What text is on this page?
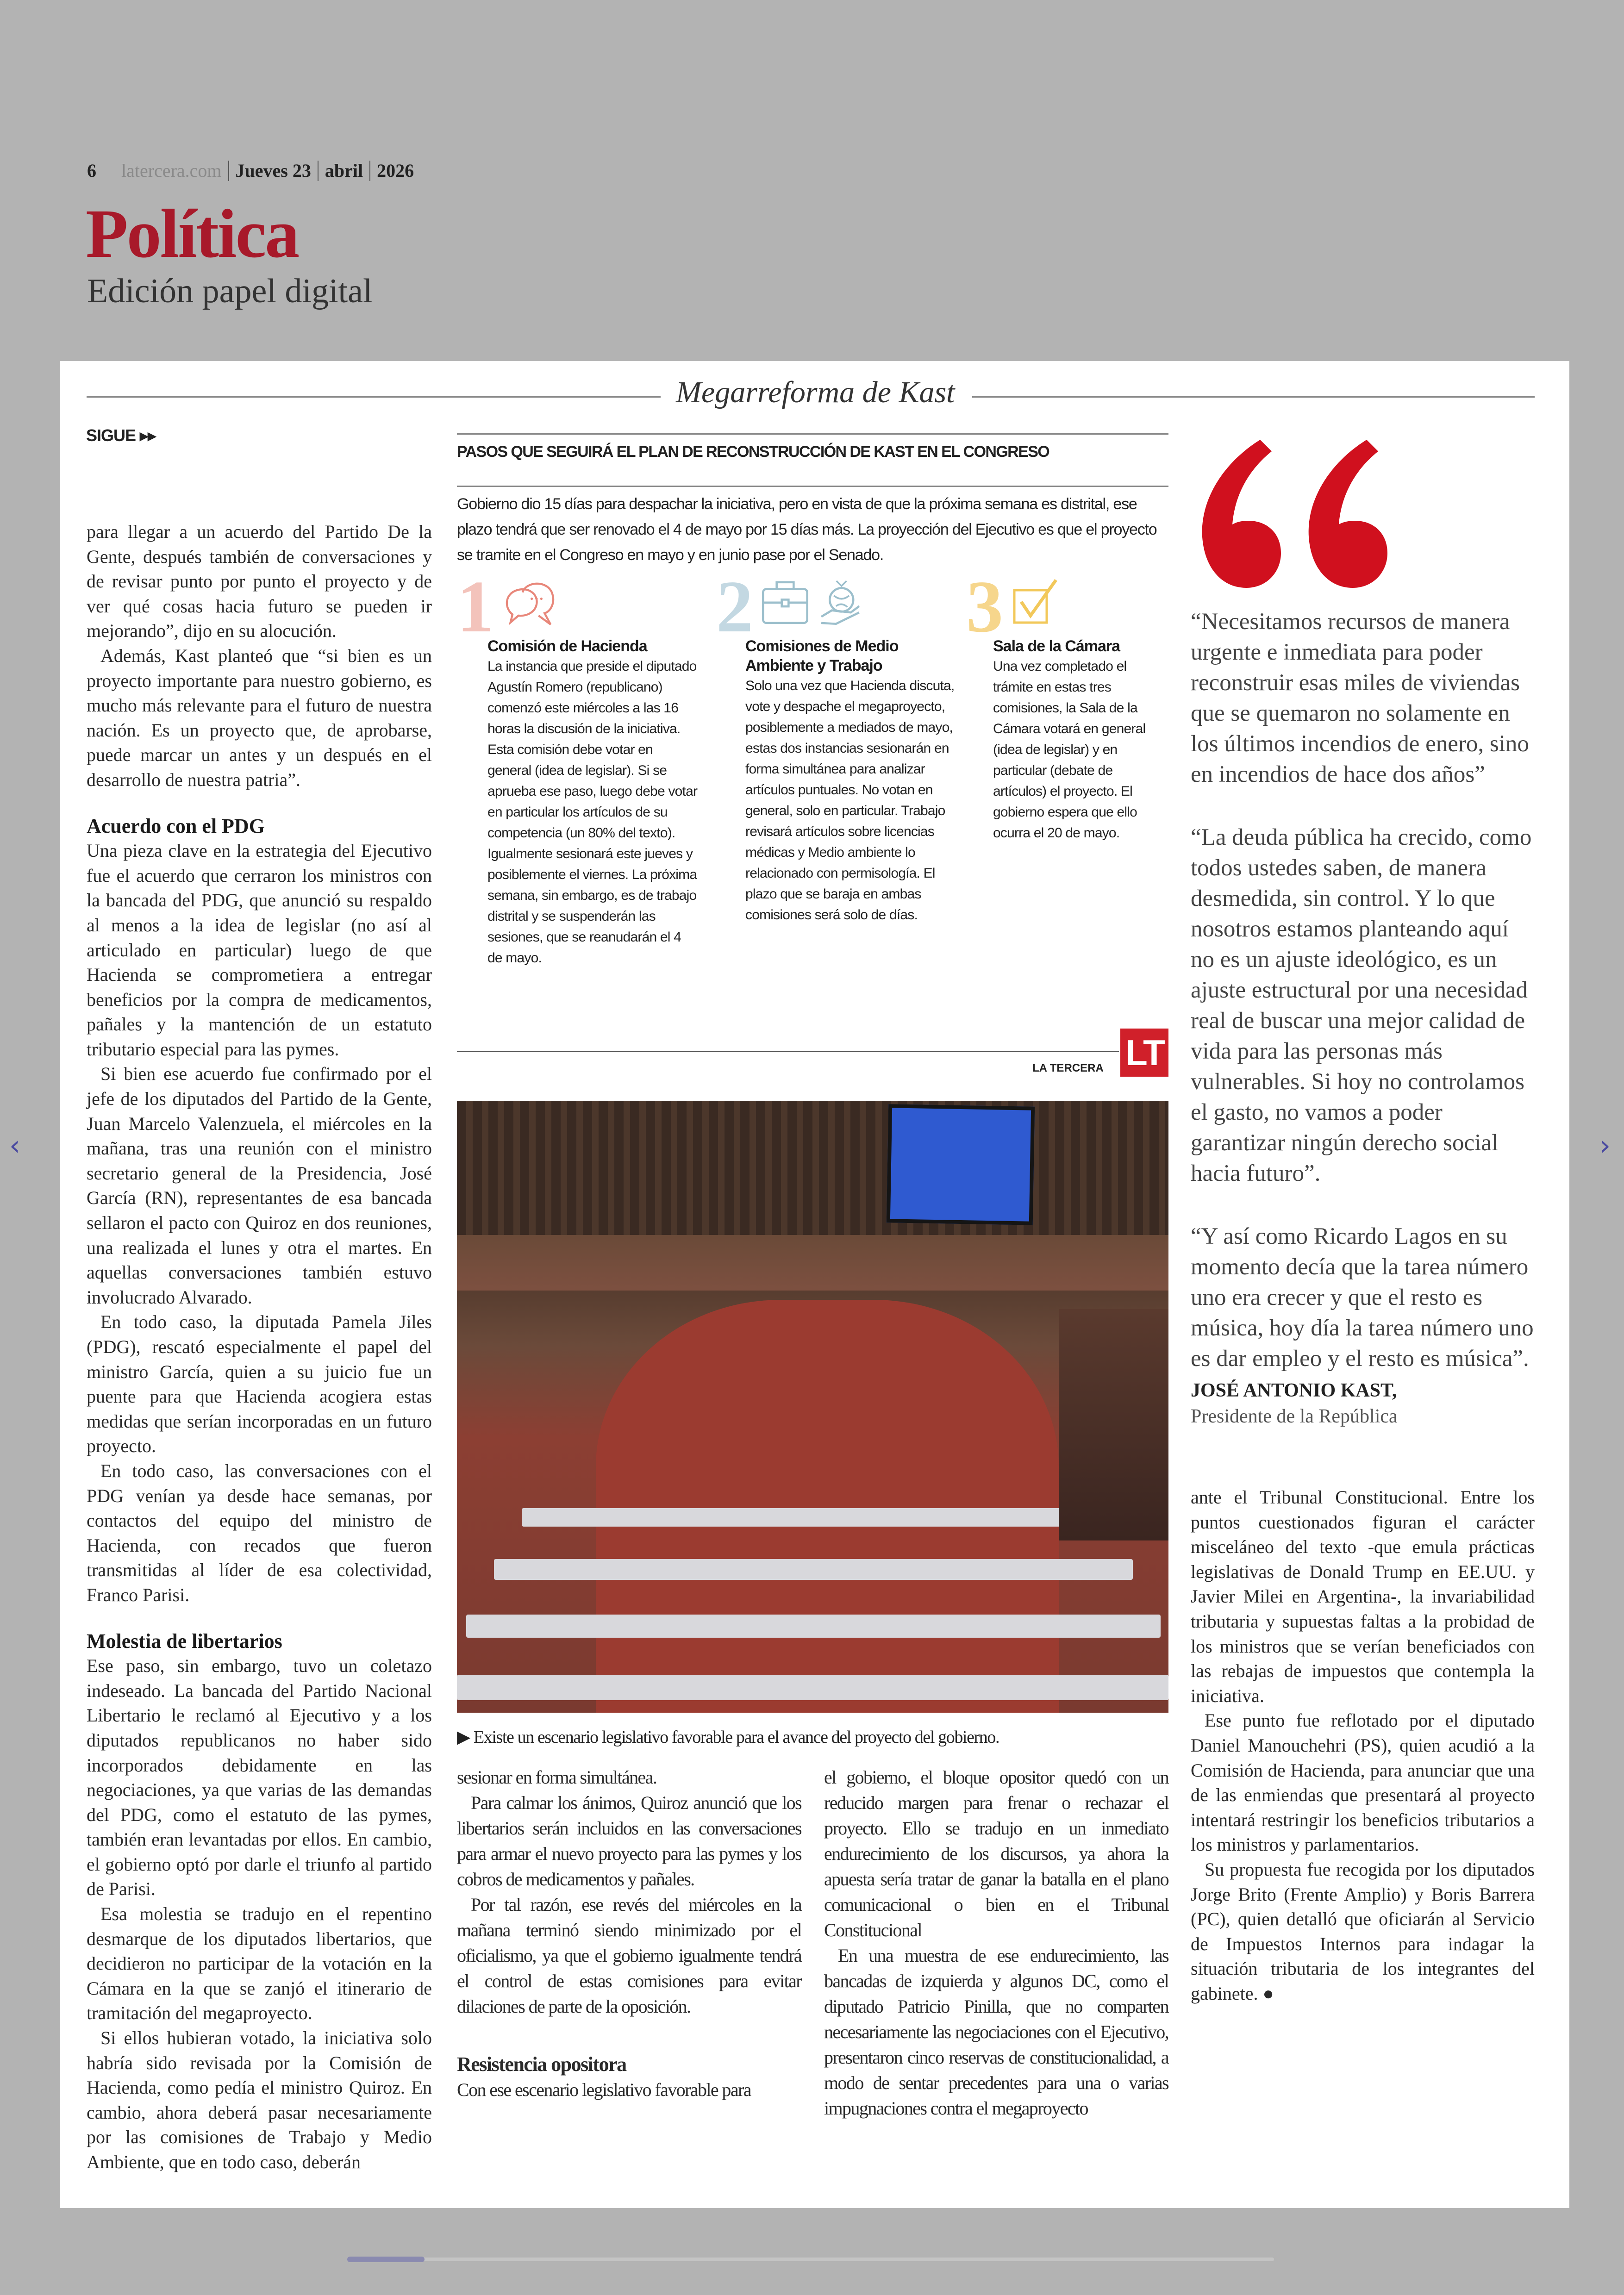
6 latercera.com Jueves 23 abril 2026
Política
Edición papel digital
Megarreforma de Kast
SIGUE ▸▸

para llegar a un acuerdo del Partido De la Gente, después también de conversaciones y de revisar punto por punto el proyecto y de ver qué cosas hacia futuro se pueden ir mejorando”, dijo en su alocución.

Además, Kast planteó que “si bien es un proyecto importante para nuestro gobierno, es mucho más relevante para el futuro de nuestra nación. Es un proyecto que, de aprobarse, puede marcar un antes y un después en el desarrollo de nuestra patria”.

Acuerdo con el PDG

Una pieza clave en la estrategia del Ejecutivo fue el acuerdo que cerraron los ministros con la bancada del PDG, que anunció su respaldo al menos a la idea de legislar (no así al articulado en particular) luego de que Hacienda se comprometiera a entregar beneficios por la compra de medicamentos, pañales y la mantención de un estatuto tributario especial para las pymes.

Si bien ese acuerdo fue confirmado por el jefe de los diputados del Partido de la Gente, Juan Marcelo Valenzuela, el miércoles en la mañana, tras una reunión con el ministro secretario general de la Presidencia, José García (RN), representantes de esa bancada sellaron el pacto con Quiroz en dos reuniones, una realizada el lunes y otra el martes. En aquellas conversaciones también estuvo involucrado Alvarado.

En todo caso, la diputada Pamela Jiles (PDG), rescató especialmente el papel del ministro García, quien a su juicio fue un puente para que Hacienda acogiera estas medidas que serían incorporadas en un futuro proyecto.

En todo caso, las conversaciones con el PDG venían ya desde hace semanas, por contactos del equipo del ministro de Hacienda, con recados que fueron transmitidas al líder de esa colectividad, Franco Parisi.

Molestia de libertarios

Ese paso, sin embargo, tuvo un coletazo indeseado. La bancada del Partido Nacional Libertario le reclamó al Ejecutivo y a los diputados republicanos no haber sido incorporados debidamente en las negociaciones, ya que varias de las demandas del PDG, como el estatuto de las pymes, también eran levantadas por ellos. En cambio, el gobierno optó por darle el triunfo al partido de Parisi.

Esa molestia se tradujo en el repentino desmarque de los diputados libertarios, que decidieron no participar de la votación en la Cámara en la que se zanjó el itinerario de tramitación del megaproyecto.

Si ellos hubieran votado, la iniciativa solo habría sido revisada por la Comisión de Hacienda, como pedía el ministro Quiroz. En cambio, ahora deberá pasar necesariamente por las comisiones de Trabajo y Medio Ambiente, que en todo caso, deberán

PASOS QUE SEGUIRÁ EL PLAN DE RECONSTRUCCIÓN DE KAST EN EL CONGRESO
Gobierno dio 15 días para despachar la iniciativa, pero en vista de que la próxima semana es distrital, ese plazo tendrá que ser renovado el 4 de mayo por 15 días más. La proyección del Ejecutivo es que el proyecto se tramite en el Congreso en mayo y en junio pase por el Senado.
1
Comisión de Hacienda
La instancia que preside el diputado Agustín Romero (republicano) comenzó este miércoles a las 16 horas la discusión de la iniciativa. Esta comisión debe votar en general (idea de legislar). Si se aprueba ese paso, luego debe votar en particular los artículos de su competencia (un 80% del texto). Igualmente sesionará este jueves y posiblemente el viernes. La próxima semana, sin embargo, es de trabajo distrital y se suspenderán las sesiones, que se reanudarán el 4 de mayo.
2
Comisiones de Medio Ambiente y Trabajo
Solo una vez que Hacienda discuta, vote y despache el megaproyecto, posiblemente a mediados de mayo, estas dos instancias sesionarán en forma simultánea para analizar artículos puntuales. No votan en general, solo en particular. Trabajo revisará artículos sobre licencias médicas y Medio ambiente lo relacionado con permisología. El plazo que se baraja en ambas comisiones será solo de días.
3
Sala de la Cámara
Una vez completado el trámite en estas tres comisiones, la Sala de la Cámara votará en general (idea de legislar) y en particular (debate de artículos) el proyecto. El gobierno espera que ello ocurra el 20 de mayo.
LA TERCERA LT
▶ Existe un escenario legislativo favorable para el avance del proyecto del gobierno.

sesionar en forma simultánea.

Para calmar los ánimos, Quiroz anunció que los libertarios serán incluidos en las conversaciones para armar el nuevo proyecto para las pymes y los cobros de medicamentos y pañales.

Por tal razón, ese revés del miércoles en la mañana terminó siendo minimizado por el oficialismo, ya que el gobierno igualmente tendrá el control de estas comisiones para evitar dilaciones de parte de la oposición.

Resistencia opositora

Con ese escenario legislativo favorable para

el gobierno, el bloque opositor quedó con un reducido margen para frenar o rechazar el proyecto. Ello se tradujo en un inmediato endurecimiento de los discursos, ya ahora la apuesta sería tratar de ganar la batalla en el plano comunicacional o bien en el Tribunal Constitucional

En una muestra de ese endurecimiento, las bancadas de izquierda y algunos DC, como el diputado Patricio Pinilla, que no comparten necesariamente las negociaciones con el Ejecutivo, presentaron cinco reservas de constitucionalidad, a modo de sentar precedentes para una o varias impugnaciones contra el megaproyecto

“Necesitamos recursos de manera urgente e inmediata para poder reconstruir esas miles de viviendas que se quemaron no solamente en los últimos incendios de enero, sino en incendios de hace dos años”

“La deuda pública ha crecido, como todos ustedes saben, de manera desmedida, sin control. Y lo que nosotros estamos planteando aquí no es un ajuste ideológico, es un ajuste estructural por una necesidad real de buscar una mejor calidad de vida para las personas más vulnerables. Si hoy no controlamos el gasto, no vamos a poder garantizar ningún derecho social hacia futuro”.

“Y así como Ricardo Lagos en su momento decía que la tarea número uno era crecer y que el resto es música, hoy día la tarea número uno es dar empleo y el resto es música”.

JOSÉ ANTONIO KAST,
Presidente de la República

ante el Tribunal Constitucional. Entre los puntos cuestionados figuran el carácter misceláneo del texto -que emula prácticas legislativas de Donald Trump en EE.UU. y Javier Milei en Argentina-, la invariabilidad tributaria y supuestas faltas a la probidad de los ministros que se verían beneficiados con las rebajas de impuestos que contempla la iniciativa.

Ese punto fue reflotado por el diputado Daniel Manouchehri (PS), quien acudió a la Comisión de Hacienda, para anunciar que una de las enmiendas que presentará al proyecto intentará restringir los beneficios tributarios a los ministros y parlamentarios.

Su propuesta fue recogida por los diputados Jorge Brito (Frente Amplio) y Boris Barrera (PC), quien detalló que oficiarán al Servicio de Impuestos Internos para indagar la situación tributaria de los integrantes del gabinete. ●

‹	›
